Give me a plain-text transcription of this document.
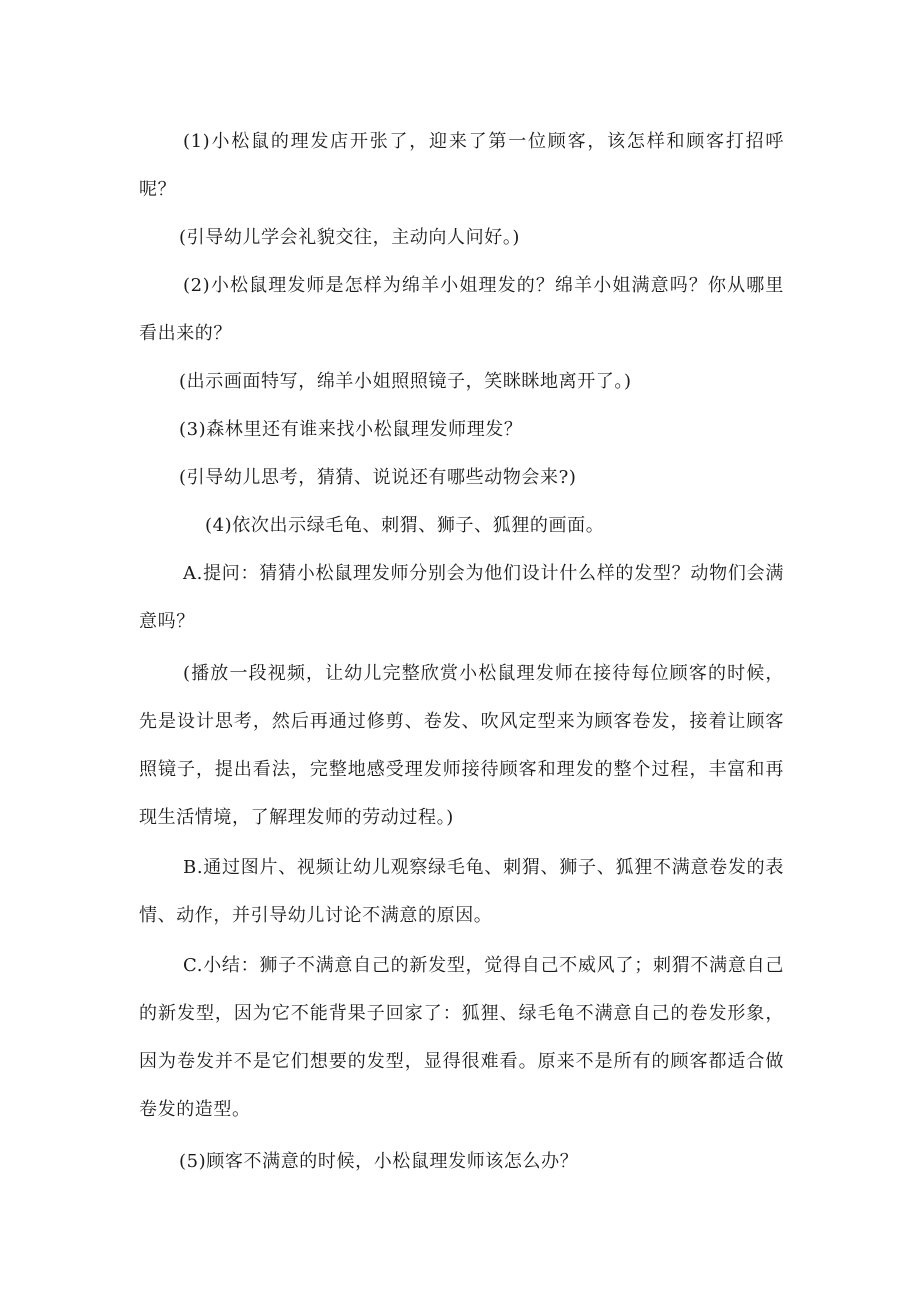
(1)小松鼠的理发店开张了，迎来了第一位顾客，该怎样和顾客打招呼呢？

(引导幼儿学会礼貌交往，主动向人问好。)

(2)小松鼠理发师是怎样为绵羊小姐理发的？绵羊小姐满意吗？你从哪里看出来的？

(出示画面特写，绵羊小姐照照镜子，笑眯眯地离开了。)

(3)森林里还有谁来找小松鼠理发师理发？

(引导幼儿思考，猜猜、说说还有哪些动物会来?)

(4)依次出示绿毛龟、刺猬、狮子、狐狸的画面。

A.提问：猜猜小松鼠理发师分别会为他们设计什么样的发型？动物们会满意吗？

(播放一段视频，让幼儿完整欣赏小松鼠理发师在接待每位顾客的时候，先是设计思考，然后再通过修剪、卷发、吹风定型来为顾客卷发，接着让顾客照镜子，提出看法，完整地感受理发师接待顾客和理发的整个过程，丰富和再现生活情境，了解理发师的劳动过程。)

B.通过图片、视频让幼儿观察绿毛龟、刺猬、狮子、狐狸不满意卷发的表情、动作，并引导幼儿讨论不满意的原因。

C.小结：狮子不满意自己的新发型，觉得自己不威风了；刺猬不满意自己的新发型，因为它不能背果子回家了：狐狸、绿毛龟不满意自己的卷发形象，因为卷发并不是它们想要的发型，显得很难看。原来不是所有的顾客都适合做卷发的造型。

(5)顾客不满意的时候，小松鼠理发师该怎么办？
